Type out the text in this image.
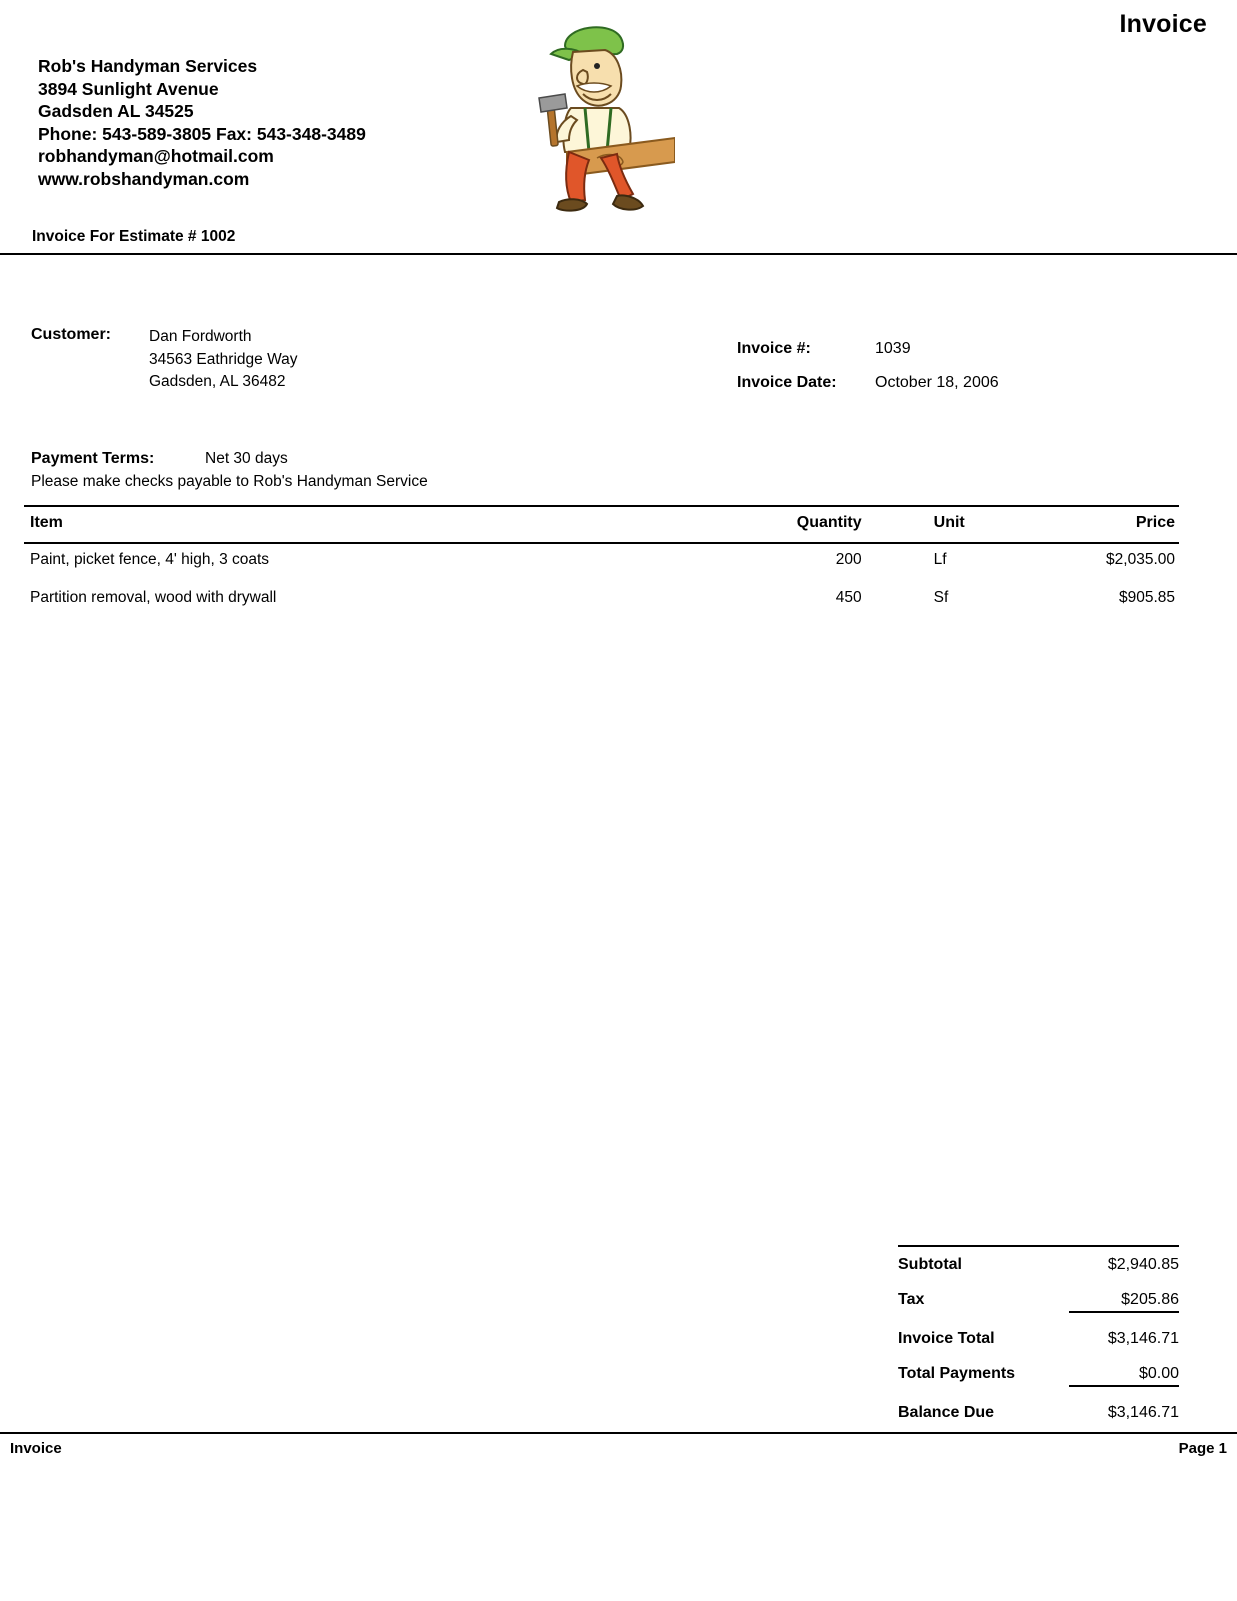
Invoice
Rob's Handyman Services
3894 Sunlight Avenue
Gadsden AL 34525
Phone: 543-589-3805 Fax: 543-348-3489
robhandyman@hotmail.com
www.robshandyman.com
Invoice For Estimate # 1002
Customer: Dan Fordworth
34563 Eathridge Way
Gadsden, AL 36482
Invoice #:	1039
Invoice Date: October 18, 2006
Payment Terms:	Net 30 days
Please make checks payable to Rob's Handyman Service
Item	Quantity	Unit	Price
Paint, picket fence, 4' high, 3 coats	200	Lf	$2,035.00
Partition removal, wood with drywall	450	Sf	$905.85
Subtotal	$2,940.85
Tax	$205.86
Invoice Total	$3,146.71
Total Payments	$0.00
Balance Due	$3,146.71
Invoice	Page 1
